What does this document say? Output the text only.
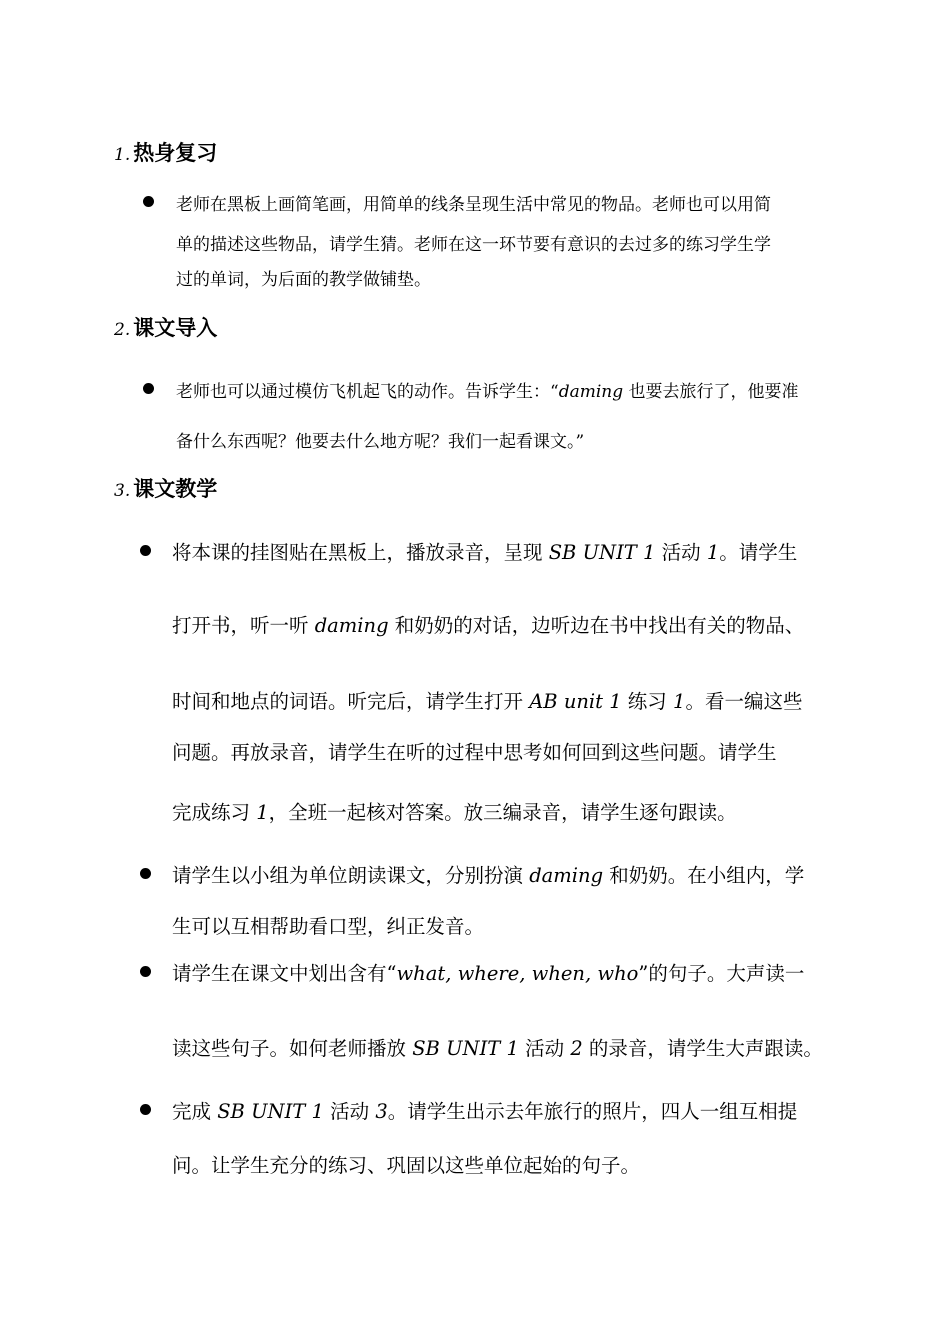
1. 热身复习

老师在黑板上画简笔画，用简单的线条呈现生活中常见的物品。老师也可以用简

单的描述这些物品，请学生猜。老师在这一环节要有意识的去过多的练习学生学

过的单词，为后面的教学做铺垫。

2. 课文导入

老师也可以通过模仿飞机起飞的动作。告诉学生：“daming 也要去旅行了，他要准

备什么东西呢？他要去什么地方呢？我们一起看课文。”

3. 课文教学

将本课的挂图贴在黑板上，播放录音，呈现 SB UNIT 1 活动 1。请学生

打开书，听一听 daming 和奶奶的对话，边听边在书中找出有关的物品、

时间和地点的词语。听完后，请学生打开 AB unit 1 练习 1。看一编这些

问题。再放录音，请学生在听的过程中思考如何回到这些问题。请学生

完成练习 1，全班一起核对答案。放三编录音，请学生逐句跟读。

请学生以小组为单位朗读课文，分别扮演 daming 和奶奶。在小组内，学

生可以互相帮助看口型，纠正发音。

请学生在课文中划出含有“what, where, when, who”的句子。大声读一

读这些句子。如何老师播放 SB UNIT 1 活动 2 的录音，请学生大声跟读。

完成 SB UNIT 1 活动 3。请学生出示去年旅行的照片，四人一组互相提

问。让学生充分的练习、巩固以这些单位起始的句子。
